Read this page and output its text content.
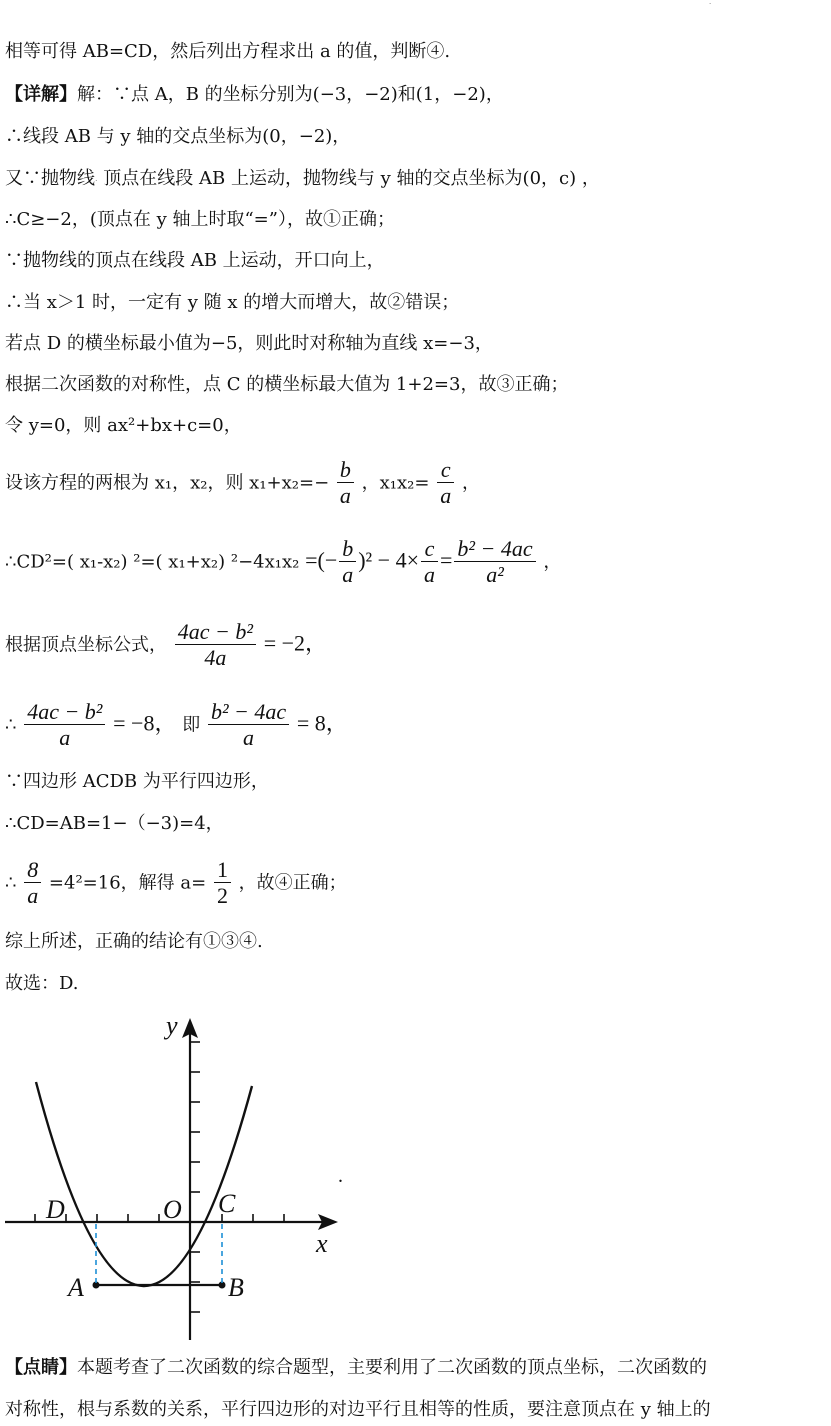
·
相等可得 AB=CD，然后列出方程求出 a 的值，判断④.
【详解】解：∵点 A，B 的坐标分别为(−3，−2)和(1，−2)，
∴线段 AB 与 y 轴的交点坐标为(0，−2)，
又∵抛物线. 顶点在线段 AB 上运动，抛物线与 y 轴的交点坐标为(0，c) ，
∴C≥−2，(顶点在 y 轴上时取“=”），故①正确；
∵抛物线的顶点在线段 AB 上运动，开口向上，
∴当 x＞1 时，一定有 y 随 x 的增大而增大，故②错误；
若点 D 的横坐标最小值为−5，则此时对称轴为直线 x=−3，
根据二次函数的对称性，点 C 的横坐标最大值为 1+2=3，故③正确；
令 y=0，则 ax²+bx+c=0，
设该方程的两根为 x₁，x₂，则 $x_1+x_2=- \frac{b}{a}$ ，$x_1x_2= \frac{c}{a}$ ，
∴CD²=( x₁-x₂) ²=( x₁+x₂) ²−4x₁x₂ =(− $\frac{b}{a} )^2 - 4\times \frac{c}{a} = \frac{\text{b² − 4ac}}{\text{a²}}$ ，
根据顶点坐标公式， $\frac{\text{4ac − b²}}{4a} = -2$，
∴ $\frac{\text{4ac − b²}}{a} = -8$， 即 $\frac{\text{b² − 4ac}}{a} = 8$，
∵四边形 ACDB 为平行四边形，
∴CD=AB=1−（−3)=4，
∴ $\frac{8}{a} =4^2=16$，解得 $a= \frac{1}{2}$ ，故④正确；
综上所述，正确的结论有①③④.
故选：D.
y
x
O
D	C
A	B
.
【点睛】本题考查了二次函数的综合题型，主要利用了二次函数的顶点坐标，二次函数的
对称性，根与系数的关系，平行四边形的对边平行且相等的性质，要注意顶点在 y 轴上的
